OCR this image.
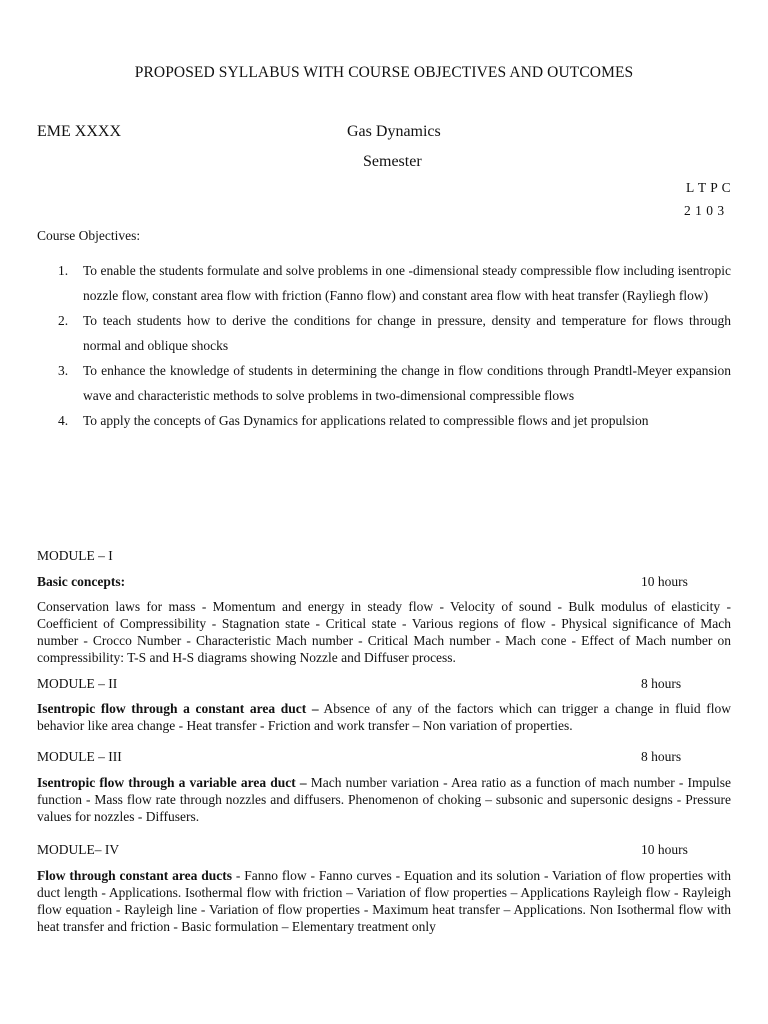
PROPOSED SYLLABUS WITH COURSE OBJECTIVES AND OUTCOMES
EME XXXX	Gas Dynamics
Semester
L T P C
2 1 0 3
Course Objectives:
1. To enable the students formulate and solve problems in one -dimensional steady compressible flow including isentropic nozzle flow, constant area flow with friction (Fanno flow) and constant area flow with heat transfer (Rayliegh flow)
2. To teach students how to derive the conditions for change in pressure, density and temperature for flows through normal and oblique shocks
3. To enhance the knowledge of students in determining the change in flow conditions through Prandtl-Meyer expansion wave and characteristic methods to solve problems in two-dimensional compressible flows
4. To apply the concepts of Gas Dynamics for applications related to compressible flows and jet propulsion
MODULE – I
Basic concepts:	10 hours
Conservation laws for mass - Momentum and energy in steady flow - Velocity of sound - Bulk modulus of elasticity - Coefficient of Compressibility - Stagnation state - Critical state - Various regions of flow - Physical significance of Mach number - Crocco Number - Characteristic Mach number - Critical Mach number - Mach cone - Effect of Mach number on compressibility: T-S and H-S diagrams showing Nozzle and Diffuser process.
MODULE – II	8 hours
Isentropic flow through a constant area duct – Absence of any of the factors which can trigger a change in fluid flow behavior like area change - Heat transfer - Friction and work transfer – Non variation of properties.
MODULE – III	8 hours
Isentropic flow through a variable area duct – Mach number variation - Area ratio as a function of mach number - Impulse function - Mass flow rate through nozzles and diffusers. Phenomenon of choking – subsonic and supersonic designs - Pressure values for nozzles - Diffusers.
MODULE– IV	10 hours
Flow through constant area ducts - Fanno flow - Fanno curves - Equation and its solution - Variation of flow properties with duct length - Applications. Isothermal flow with friction – Variation of flow properties – Applications Rayleigh flow - Rayleigh flow equation - Rayleigh line - Variation of flow properties - Maximum heat transfer – Applications. Non Isothermal flow with heat transfer and friction - Basic formulation – Elementary treatment only
